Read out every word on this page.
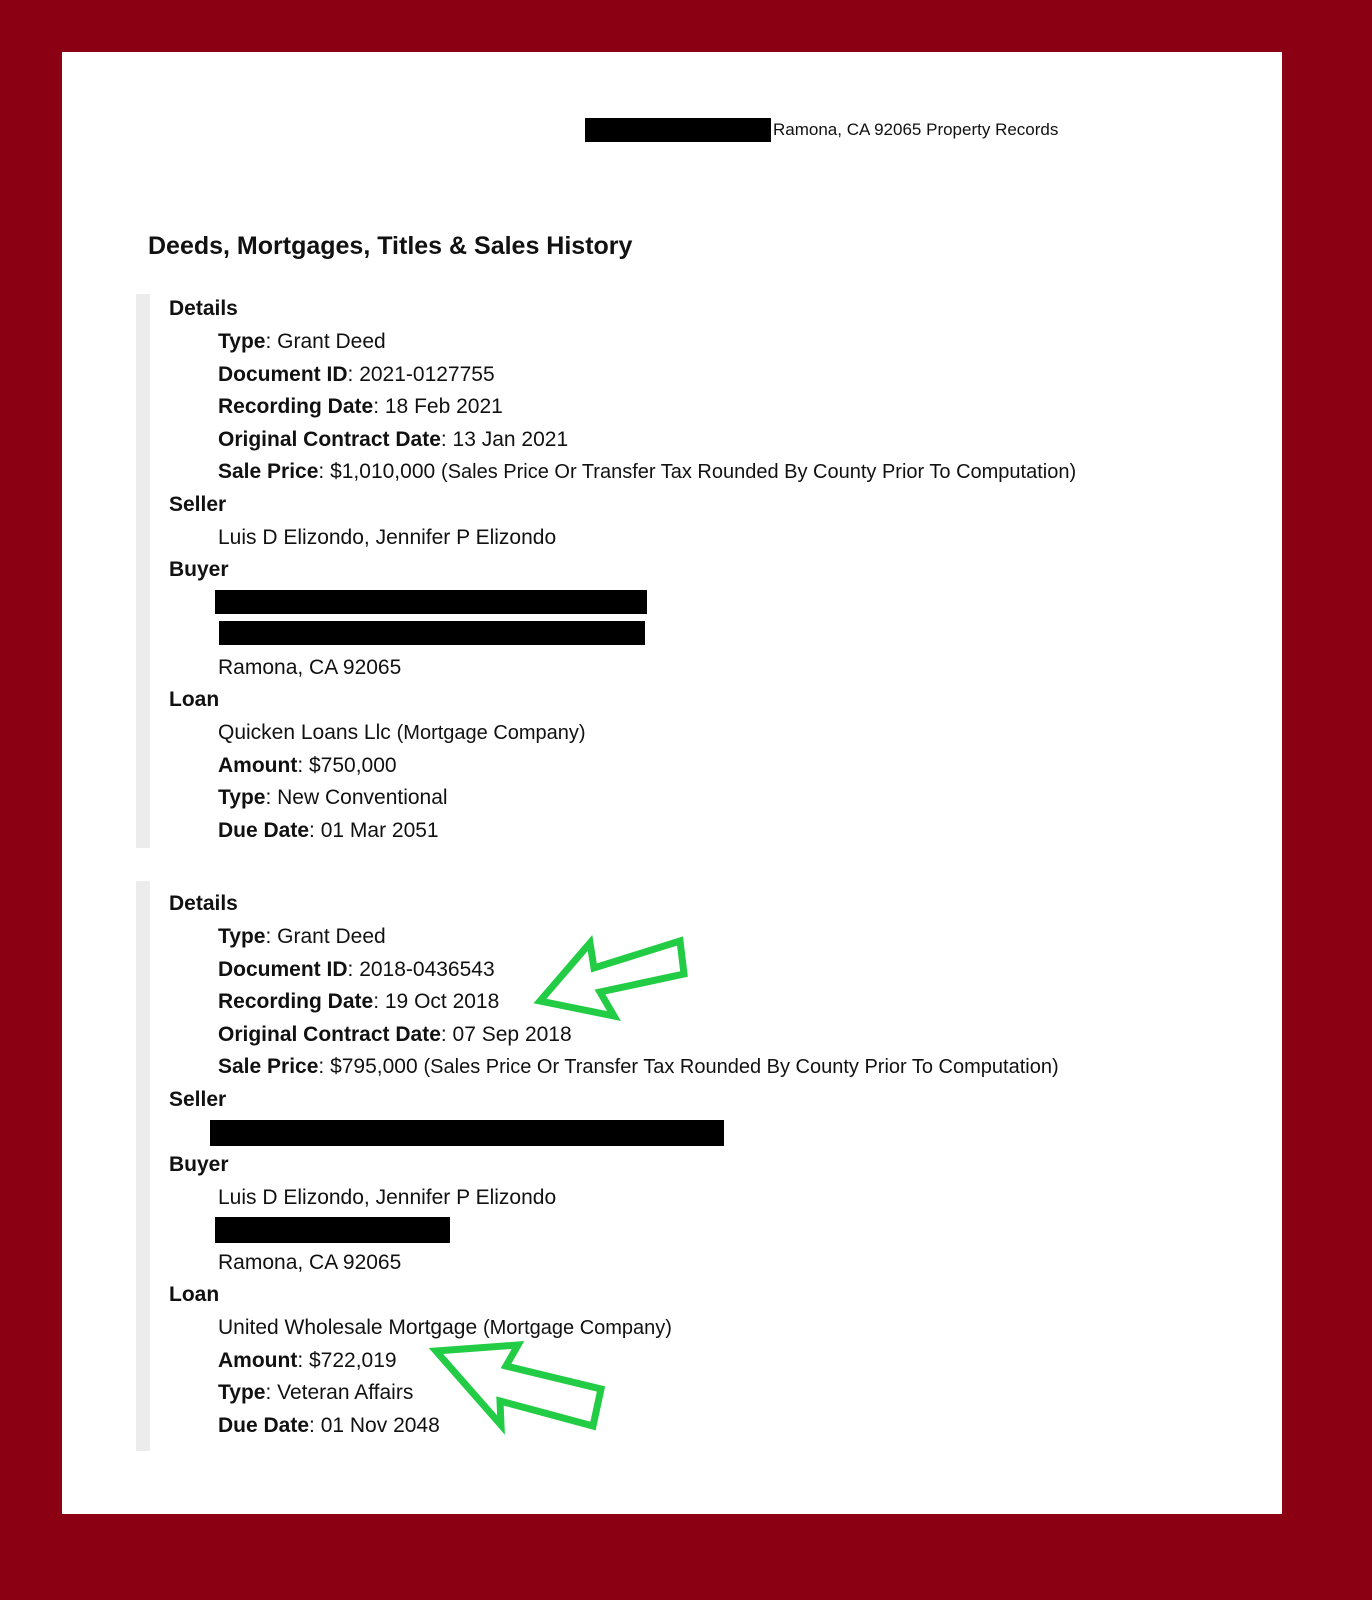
Ramona, CA 92065 Property Records
Deeds, Mortgages, Titles & Sales History
Details
Type: Grant Deed
Document ID: 2021-0127755
Recording Date: 18 Feb 2021
Original Contract Date: 13 Jan 2021
Sale Price: $1,010,000 (Sales Price Or Transfer Tax Rounded By County Prior To Computation)
Seller
Luis D Elizondo, Jennifer P Elizondo
Buyer
Ramona, CA 92065
Loan
Quicken Loans Llc (Mortgage Company)
Amount: $750,000
Type: New Conventional
Due Date: 01 Mar 2051
Details
Type: Grant Deed
Document ID: 2018-0436543
Recording Date: 19 Oct 2018
Original Contract Date: 07 Sep 2018
Sale Price: $795,000 (Sales Price Or Transfer Tax Rounded By County Prior To Computation)
Seller
Buyer
Luis D Elizondo, Jennifer P Elizondo
Ramona, CA 92065
Loan
United Wholesale Mortgage (Mortgage Company)
Amount: $722,019
Type: Veteran Affairs
Due Date: 01 Nov 2048
